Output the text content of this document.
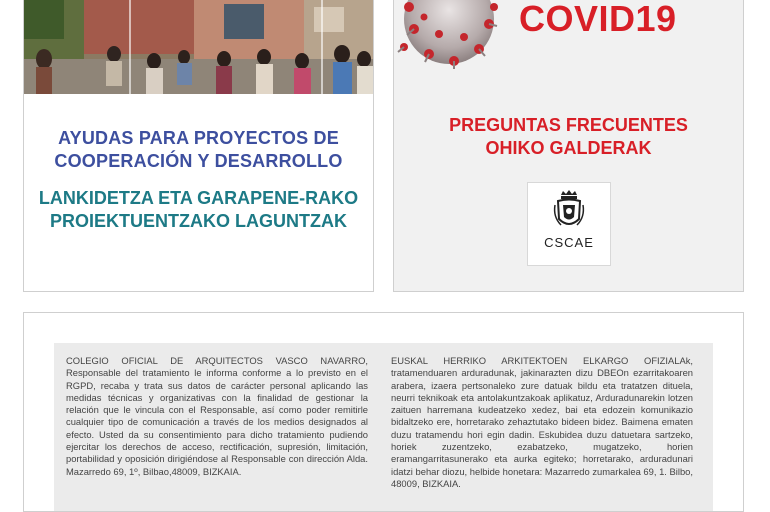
AYUDAS PARA PROYECTOS DE COOPERACIÓN Y DESARROLLO
LANKIDETZA ETA GARAPENE-RAKO PROIEKTUENTZAKO LAGUNTZAK
COVID19
PREGUNTAS FRECUENTES
OHIKO GALDERAK
CSCAE
COLEGIO OFICIAL DE ARQUITECTOS VASCO NAVARRO, Responsable del tratamiento le informa conforme a lo previsto en el RGPD, recaba y trata sus datos de carácter personal aplicando las medidas técnicas y organizativas con la finalidad de gestionar la relación que le vincula con el Responsable, así como poder remitirle cualquier tipo de comunicación a través de los medios designados al efecto. Usted da su consentimiento para dicho tratamiento pudiendo ejercitar los derechos de acceso, rectificación, supresión, limitación, portabilidad y oposición dirigiéndose al Responsable con dirección Alda. Mazarredo 69, 1º, Bilbao,48009, BIZKAIA.
EUSKAL HERRIKO ARKITEKTOEN ELKARGO OFIZIALAk, tratamenduaren arduradunak, jakinarazten dizu DBEOn ezarritakoaren arabera, izaera pertsonaleko zure datuak bildu eta tratatzen dituela, neurri teknikoak eta antolakuntzakoak aplikatuz, Arduradunarekin lotzen zaituen harremana kudeatzeko xedez, bai eta edozein komunikazio bidaltzeko ere, horretarako zehaztutako bideen bidez. Baimena ematen duzu tratamendu hori egin dadin. Eskubidea duzu datuetara sartzeko, horiek zuzentzeko, ezabatzeko, mugatzeko, horien eramangarritasunerako eta aurka egiteko; horretarako, arduradunari idatzi behar diozu, helbide honetara: Mazarredo zumarkalea 69, 1. Bilbo, 48009, BIZKAIA.
